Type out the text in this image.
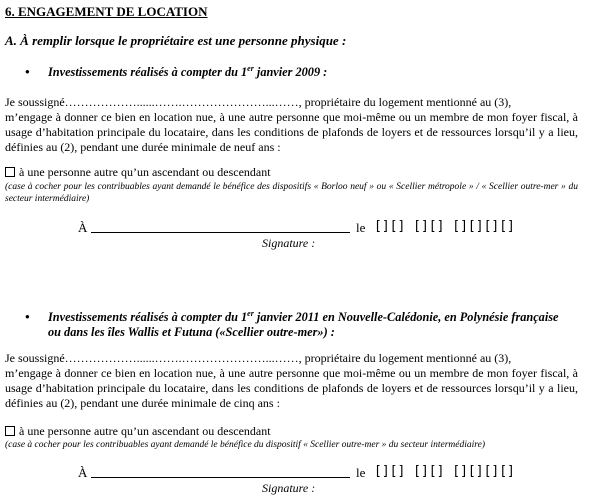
6. ENGAGEMENT DE LOCATION
A. À remplir lorsque le propriétaire est une personne physique :
• Investissements réalisés à compter du 1er janvier 2009 :
Je soussigné………………......…….…………………...……, propriétaire du logement mentionné au (3),
m’engage à donner ce bien en location nue, à une autre personne que moi-même ou un membre de mon foyer fiscal, à usage d’habitation principale du locataire, dans les conditions de plafonds de loyers et de ressources lorsqu’il y a lieu, définies au (2), pendant une durée minimale de neuf ans :
à une personne autre qu’un ascendant ou descendant
(case à cocher pour les contribuables ayant demandé le bénéfice des dispositifs « Borloo neuf » ou « Scellier métropole » / « Scellier outre-mer » du secteur intermédiaire)
À	le [][] [][] [][][][]
Signature :
• Investissements réalisés à compter du 1er janvier 2011 en Nouvelle-Calédonie, en Polynésie française
ou dans les îles Wallis et Futuna («Scellier outre-mer») :
Je soussigné………………......…….…………………...……, propriétaire du logement mentionné au (3),
m’engage à donner ce bien en location nue, à une autre personne que moi-même ou un membre de mon foyer fiscal, à usage d’habitation principale du locataire, dans les conditions de plafonds de loyers et de ressources lorsqu’il y a lieu, définies au (2), pendant une durée minimale de cinq ans :
à une personne autre qu’un ascendant ou descendant
(case à cocher pour les contribuables ayant demandé le bénéfice du dispositif « Scellier outre-mer » du secteur intermédiaire)
À	le [][] [][] [][][][]
Signature :
